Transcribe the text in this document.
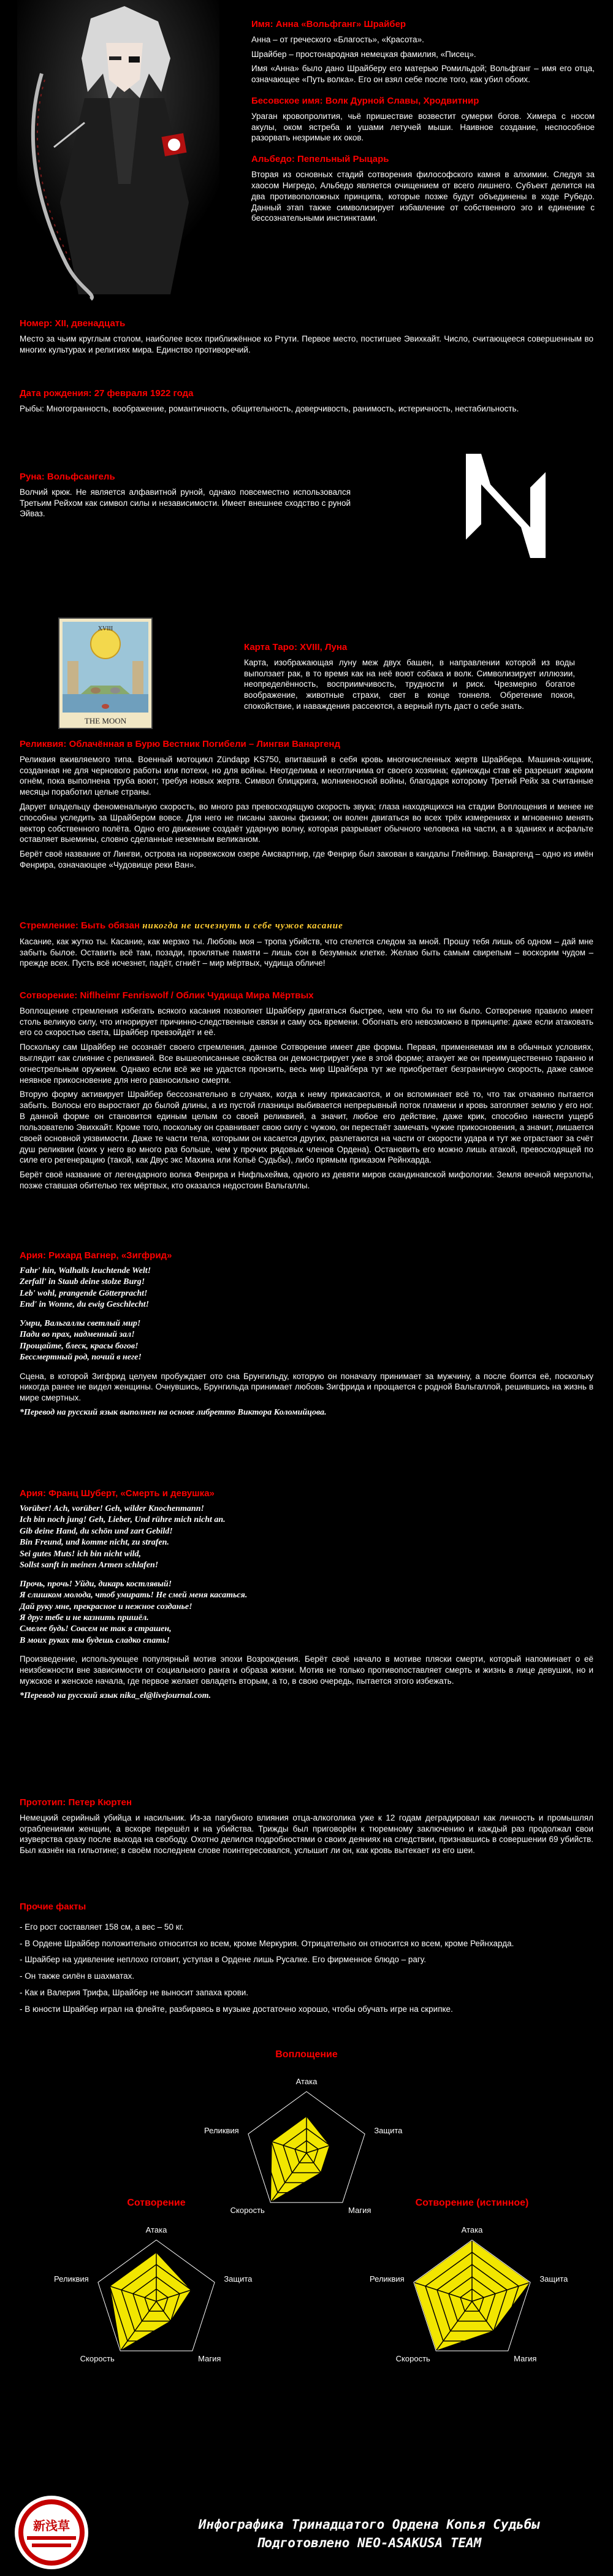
Имя: Анна «Вольфганг» Шрайбер
Анна – от греческого «Благость», «Красота».
Шрайбер – простонародная немецкая фамилия, «Писец».
Имя «Анна» было дано Шрайберу его матерью Ромильдой; Вольфганг – имя его отца, означающее «Путь волка». Его он взял себе после того, как убил обоих.
Бесовское имя: Волк Дурной Славы, Хродвитнир
Ураган кровопролития, чьё пришествие возвестит сумерки богов. Химера с носом акулы, оком ястреба и ушами летучей мыши. Наивное создание, неспособное разорвать незримые их оков.
Альбедо: Пепельный Рыцарь
Вторая из основных стадий сотворения философского камня в алхимии. Следуя за хаосом Нигредо, Альбедо является очищением от всего лишнего. Субъект делится на два противоположных принципа, которые позже будут объединены в ходе Рубедо. Данный этап также символизирует избавление от собственного эго и единение с бессознательными инстинктами.
Номер: XII, двенадцать
Место за чьим круглым столом, наиболее всех приближённое ко Ртути. Первое место, постигшее Эвихкайт. Число, считающееся совершенным во многих культурах и религиях мира. Единство противоречий.
Дата рождения: 27 февраля 1922 года
Рыбы: Многогранность, воображение, романтичность, общительность, доверчивость, ранимость, истеричность, нестабильность.
Руна: Вольфсангель
Волчий крюк. Не является алфавитной руной, однако повсеместно использовался Третьим Рейхом как символ силы и независимости. Имеет внешнее сходство с руной Эйваз.
XVIII
THE MOON
Карта Таро: XVIII, Луна
Карта, изображающая луну меж двух башен, в направлении которой из воды выползает рак, в то время как на неё воют собака и волк. Символизирует иллюзии, неопределённость, восприимчивость, трудности и риск. Чрезмерно богатое воображение, животные страхи, свет в конце тоннеля. Обретение покоя, спокойствие, и наваждения рассеются, а верный путь даст о себе знать.
Реликвия: Облачённая в Бурю Вестник Погибели – Лингви Ванаргенд
Реликвия вживляемого типа. Военный мотоцикл Zündapp KS750, впитавший в себя кровь многочисленных жертв Шрайбера. Машина-хищник, созданная не для чернового работы или потехи, но для войны. Неотделима и неотличима от своего хозяина; единожды став её разрешит жарким огнём, пока выполнена труба воют; требуя новых жертв. Символ блицкрига, молниеносной войны, благодаря которому Третий Рейх за считанные месяцы поработил целые страны.
Дарует владельцу феноменальную скорость, во много раз превосходящую скорость звука; глаза находящихся на стадии Воплощения и менее не способны уследить за Шрайбером вовсе. Для него не писаны законы физики; он волен двигаться во всех трёх измерениях и мгновенно менять вектор собственного полёта. Одно его движение создаёт ударную волну, которая разрывает обычного человека на части, а в зданиях и асфальте оставляет выемины, словно сделанные неземным великаном.
Берёт своё название от Лингви, острова на норвежском озере Амсвартнир, где Фенрир был закован в кандалы Глейпнир. Ванаргенд – одно из имён Фенрира, означающее «Чудовище реки Ван».
Стремление: Быть обязан никогда не исчезнуть и себе чужое касание
Касание, как жутко ты. Касание, как мерзко ты. Любовь моя – тропа убийств, что стелется следом за мной. Прошу тебя лишь об одном – дай мне забыть былое. Оставить всё там, позади, проклятые памяти – лишь сон в безумных клетке. Желаю быть самым свирепым – воскорим чудом – прежде всех. Пусть всё исчезнет, падёт, сгниёт – мир мёртвых, чудища обличе!
Сотворение: Niflheimr Fenriswolf / Облик Чудища Мира Мёртвых
Воплощение стремления избегать всякого касания позволяет Шрайберу двигаться быстрее, чем что бы то ни было. Сотворение правило имеет столь великую силу, что игнорирует причинно-следственные связи и саму ось времени. Обогнать его невозможно в принципе: даже если атаковать его со скоростью света, Шрайбер превзойдёт и её.
Поскольку сам Шрайбер не осознаёт своего стремления, данное Сотворение имеет две формы. Первая, применяемая им в обычных условиях, выглядит как слияние с реликвией. Все вышеописанные свойства он демонстрирует уже в этой форме; атакует же он преимущественно таранно и огнестрельным оружием. Однако если всё же не удастся пронзить, весь мир Шрайбера тут же приобретает безграничную скорость, даже самое неявное прикосновение для него равносильно смерти.
Вторую форму активирует Шрайбер бессознательно в случаях, когда к нему прикасаются, и он вспоминает всё то, что так отчаянно пытается забыть. Волосы его выростают до былой длины, а из пустой глазницы выбивается непрерывный поток пламени и кровь затопляет землю у его ног. В данной форме он становится единым целым со своей реликвией, а значит, любое его действие, даже крик, способно нанести ущерб пользователю Эвихкайт. Кроме того, поскольку он сравнивает свою силу с чужою, он перестаёт замечать чужие прикосновения, а значит, лишается своей основной уязвимости. Даже те части тела, которыми он касается других, разлетаются на части от скорости удара и тут же отрастают за счёт душ реликвии (коих у него во много раз больше, чем у прочих рядовых членов Ордена). Остановить его можно лишь атакой, превосходящей по силе его регенерацию (такой, как Двус экс Махина или Копьё Судьбы), либо прямым приказом Рейнхарда.
Берёт своё название от легендарного волка Фенрира и Нифльхейма, одного из девяти миров скандинавской мифологии. Земля вечной мерзлоты, позже ставшая обителью тех мёртвых, кто оказался недостоин Вальгаллы.
Ария: Рихард Вагнер, «Зигфрид»
Fahr' hin, Walhalls leuchtende Welt!
Zerfall' in Staub deine stolze Burg!
Leb' wohl, prangende Götterpracht!
End' in Wonne, du ewig Geschlecht!
Умри, Вальгаллы светлый мир!
Пади во прах, надменный зал!
Прощайте, блеск, красы богов!
Бессмертный род, почий в неге!
Сцена, в которой Зигфрид целуем пробуждает ото сна Брунгильду, которую он поначалу принимает за мужчину, а после боится её, поскольку никогда ранее не видел женщины. Очнувшись, Брунгильда принимает любовь Зигфрида и прощается с родной Вальгаллой, решившись на жизнь в мире смертных.
*Перевод на русский язык выполнен на основе либретто Виктора Коломийцова.
Ария: Франц Шуберт, «Смерть и девушка»
Vorüber! Ach, vorüber! Geh, wilder Knochenmann!
Ich bin noch jung! Geh, Lieber, Und rühre mich nicht an.
Gib deine Hand, du schön und zart Gebild!
Bin Freund, und komme nicht, zu strafen.
Sei gutes Muts! ich bin nicht wild,
Sollst sanft in meinen Armen schlafen!
Прочь, прочь! Уйди, дикарь костлявый!
Я слишком молода, чтоб умирать! Не смей меня касаться.
Дай руку мне, прекрасное и нежное созданье!
Я друг тебе и не казнить пришёл.
Смелее будь! Совсем не так я страшен,
В моих руках ты будешь сладко спать!
Произведение, использующее популярный мотив эпохи Возрождения. Берёт своё начало в мотиве пляски смерти, который напоминает о её неизбежности вне зависимости от социального ранга и образа жизни. Мотив не только противопоставляет смерть и жизнь в лице девушки, но и мужское и женское начала, где первое желает овладеть вторым, а то, в свою очередь, пытается этого избежать.
*Перевод на русский язык nika_el@livejournal.com.
Прототип: Петер Кюртен
Немецкий серийный убийца и насильник. Из-за пагубного влияния отца-алкоголика уже к 12 годам деградировал как личность и промышлял ограблениями женщин, а вскоре перешёл и на убийства. Трижды был приговорён к тюремному заключению и каждый раз продолжал свои изуверства сразу после выхода на свободу. Охотно делился подробностями о своих деяниях на следствии, признавшись в совершении 69 убийств. Был казнён на гильотине; в своём последнем слове поинтересовался, услышит ли он, как кровь вытекает из его шеи.
Прочие факты
- Его рост составляет 158 см, а вес – 50 кг.
- В Ордене Шрайбер положительно относится ко всем, кроме Меркурия. Отрицательно он относится ко всем, кроме Рейнхарда.
- Шрайбер на удивление неплохо готовит, уступая в Ордене лишь Русалке. Его фирменное блюдо – рагу.
- Он также силён в шахматах.
- Как и Валерия Трифа, Шрайбер не выносит запаха крови.
- В юности Шрайбер играл на флейте, разбираясь в музыке достаточно хорошо, чтобы обучать игре на скрипке.
Воплощение
Атака
Защита
Магия
Скорость
Реликвия
Сотворение
Атака
Защита
Магия
Скорость
Реликвия
Сотворение (истинное)
Атака
Защита
Магия
Скорость
Реликвия
新浅草	Инфографика Тринадцатого Ордена Копья Судьбы
Подготовлено NEO-ASAKUSA TEAM
